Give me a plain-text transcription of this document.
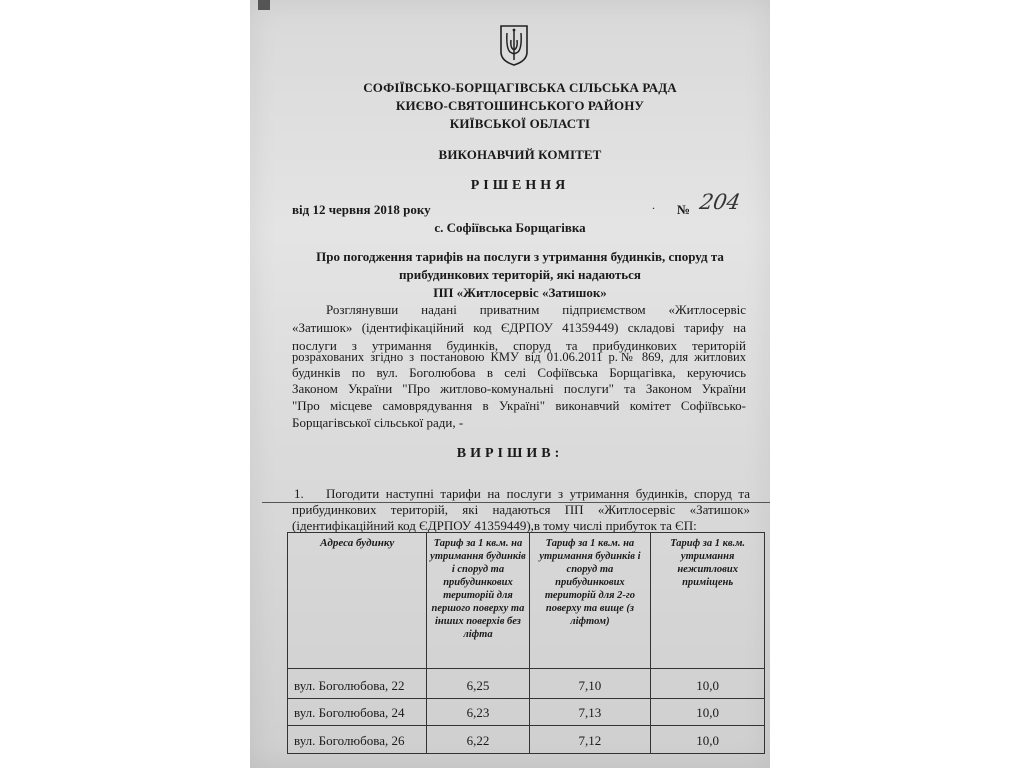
СОФІЇВСЬКО-БОРЩАГІВСЬКА СІЛЬСЬКА РАДА
КИЄВО-СВЯТОШИНСЬКОГО РАЙОНУ
КИЇВСЬКОЇ ОБЛАСТІ
ВИКОНАВЧИЙ КОМІТЕТ
РІШЕННЯ
від 12 червня 2018 року	. № 204
с. Софіївська Борщагівка
Про погодження тарифів на послуги з утримання будинків, споруд та
прибудинкових територій, які надаються
ПП «Житлосервіс «Затишок»
Розглянувши надані приватним підприємством «Житлосервіс
«Затишок» (ідентифікаційний код ЄДРПОУ 41359449) складові тарифу на
послуги з утримання будинків, споруд та прибудинкових територій
розрахованих згідно з постановою КМУ від 01.06.2011 р.№ 869, для житлових
будинків по вул. Боголюбова в селі Софіївська Борщагівка, керуючись
Законом України "Про житлово-комунальні послуги" та Законом України
"Про місцеве самоврядування в Україні" виконавчий комітет Софіївсько-
Борщагівської сільської ради, -
ВИРІШИВ:
1. Погодити наступні тарифи на послуги з утримання будинків, споруд та
прибудинкових територій, які надаються ПП «Житлосервіс «Затишок»
(ідентифікаційний код ЄДРПОУ 41359449),в тому числі прибуток та ЄП:
Адреса будинку	Тариф за 1 кв.м. на утримання будинків і споруд та прибудинкових територій для першого поверху та інших поверхів без ліфта	Тариф за 1 кв.м. на утримання будинків і споруд та прибудинкових територій для 2-го поверху та вище (з ліфтом)	Тариф за 1 кв.м. утримання нежитлових приміщень
вул. Боголюбова, 22	6,25	7,10	10,0
вул. Боголюбова, 24	6,23	7,13	10,0
вул. Боголюбова, 26	6,22	7,12	10,0
